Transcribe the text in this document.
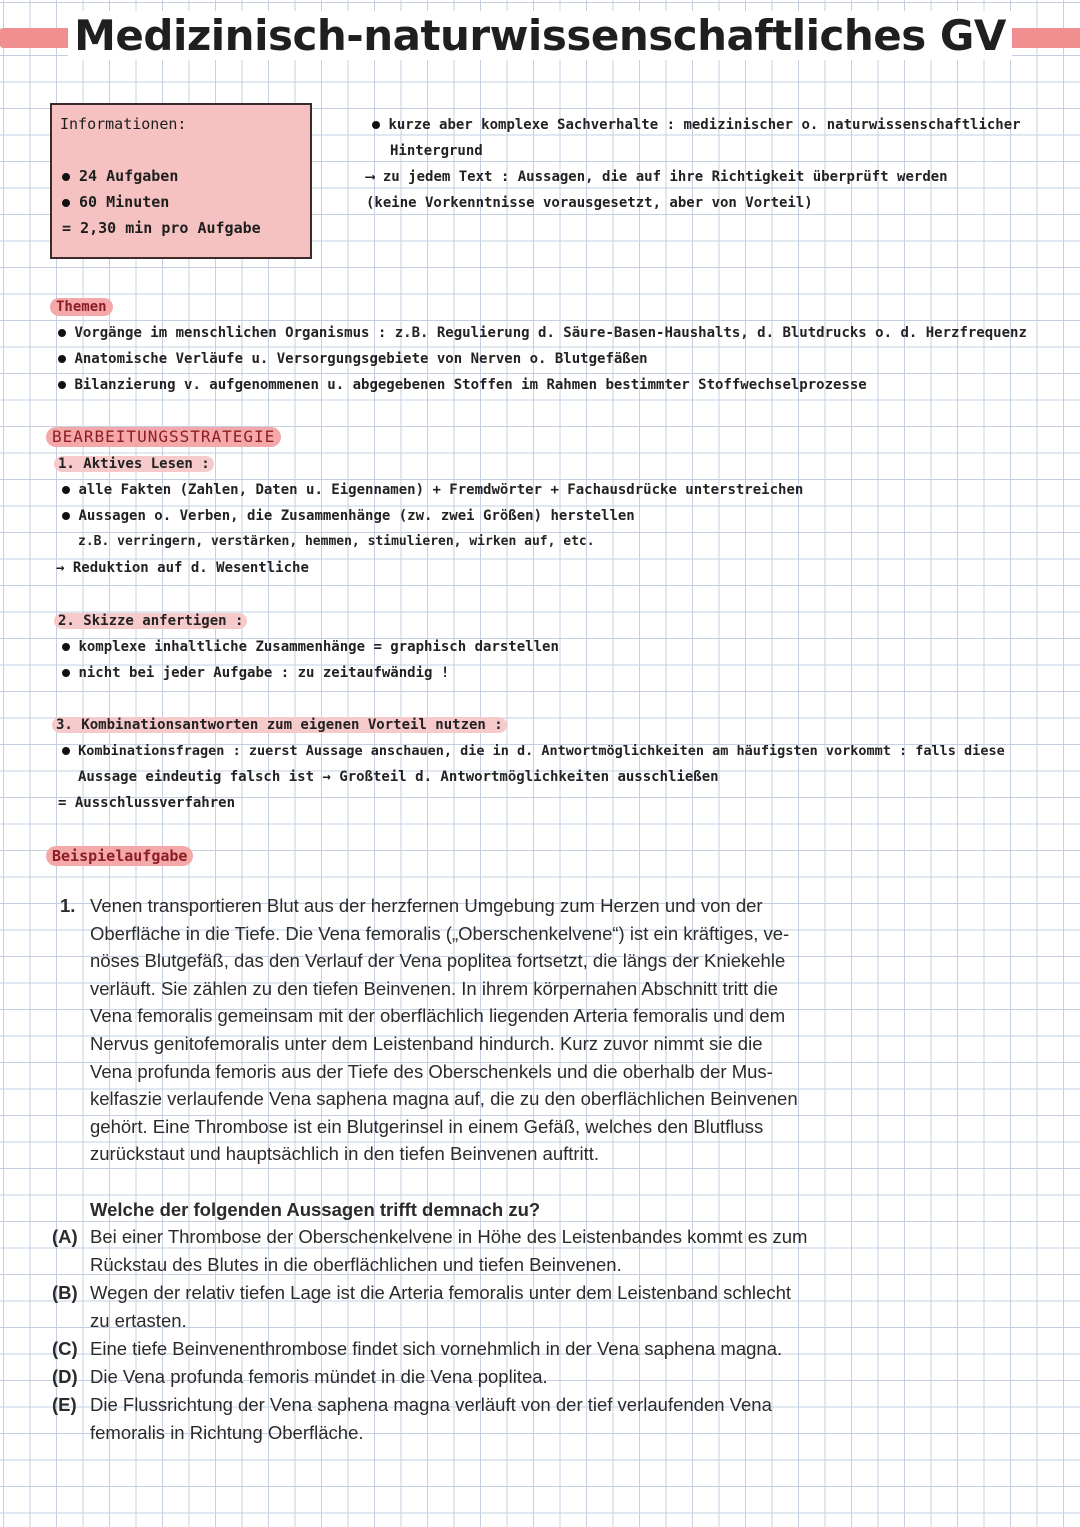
Medizinisch-naturwissenschaftliches GV
Informationen:
24 Aufgaben
60 Minuten
= 2,30 min pro Aufgabe
kurze aber komplexe Sachverhalte : medizinischer o. naturwissenschaftlicher
Hintergrund
⟶ zu jedem Text : Aussagen, die auf ihre Richtigkeit überprüft werden
(keine Vorkenntnisse vorausgesetzt, aber von Vorteil)
Themen
Vorgänge im menschlichen Organismus : z.B. Regulierung d. Säure-Basen-Haushalts, d. Blutdrucks o. d. Herzfrequenz
Anatomische Verläufe u. Versorgungsgebiete von Nerven o. Blutgefäßen
Bilanzierung v. aufgenommenen u. abgegebenen Stoffen im Rahmen bestimmter Stoffwechselprozesse
BEARBEITUNGSSTRATEGIE
1. Aktives Lesen :
alle Fakten (Zahlen, Daten u. Eigennamen) + Fremdwörter + Fachausdrücke unterstreichen
Aussagen o. Verben, die Zusammenhänge (zw. zwei Größen) herstellen
z.B. verringern, verstärken, hemmen, stimulieren, wirken auf, etc.
→ Reduktion auf d. Wesentliche
2. Skizze anfertigen :
komplexe inhaltliche Zusammenhänge = graphisch darstellen
nicht bei jeder Aufgabe : zu zeitaufwändig !
3. Kombinationsantworten zum eigenen Vorteil nutzen :
Kombinationsfragen : zuerst Aussage anschauen, die in d. Antwortmöglichkeiten am häufigsten vorkommt : falls diese
Aussage eindeutig falsch ist → Großteil d. Antwortmöglichkeiten ausschließen
= Ausschlussverfahren
Beispielaufgabe
1. Venen transportieren Blut aus der herzfernen Umgebung zum Herzen und von der
Oberfläche in die Tiefe. Die Vena femoralis („Oberschenkelvene“) ist ein kräftiges, ve-
nöses Blutgefäß, das den Verlauf der Vena poplitea fortsetzt, die längs der Kniekehle
verläuft. Sie zählen zu den tiefen Beinvenen. In ihrem körpernahen Abschnitt tritt die
Vena femoralis gemeinsam mit der oberflächlich liegenden Arteria femoralis und dem
Nervus genitofemoralis unter dem Leistenband hindurch. Kurz zuvor nimmt sie die
Vena profunda femoris aus der Tiefe des Oberschenkels und die oberhalb der Mus-
kelfaszie verlaufende Vena saphena magna auf, die zu den oberflächlichen Beinvenen
gehört. Eine Thrombose ist ein Blutgerinsel in einem Gefäß, welches den Blutfluss
zurückstaut und hauptsächlich in den tiefen Beinvenen auftritt.
Welche der folgenden Aussagen trifft demnach zu?
(A) Bei einer Thrombose der Oberschenkelvene in Höhe des Leistenbandes kommt es zum
Rückstau des Blutes in die oberflächlichen und tiefen Beinvenen.
(B) Wegen der relativ tiefen Lage ist die Arteria femoralis unter dem Leistenband schlecht
zu ertasten.
(C) Eine tiefe Beinvenenthrombose findet sich vornehmlich in der Vena saphena magna.
(D) Die Vena profunda femoris mündet in die Vena poplitea.
(E) Die Flussrichtung der Vena saphena magna verläuft von der tief verlaufenden Vena
femoralis in Richtung Oberfläche.
